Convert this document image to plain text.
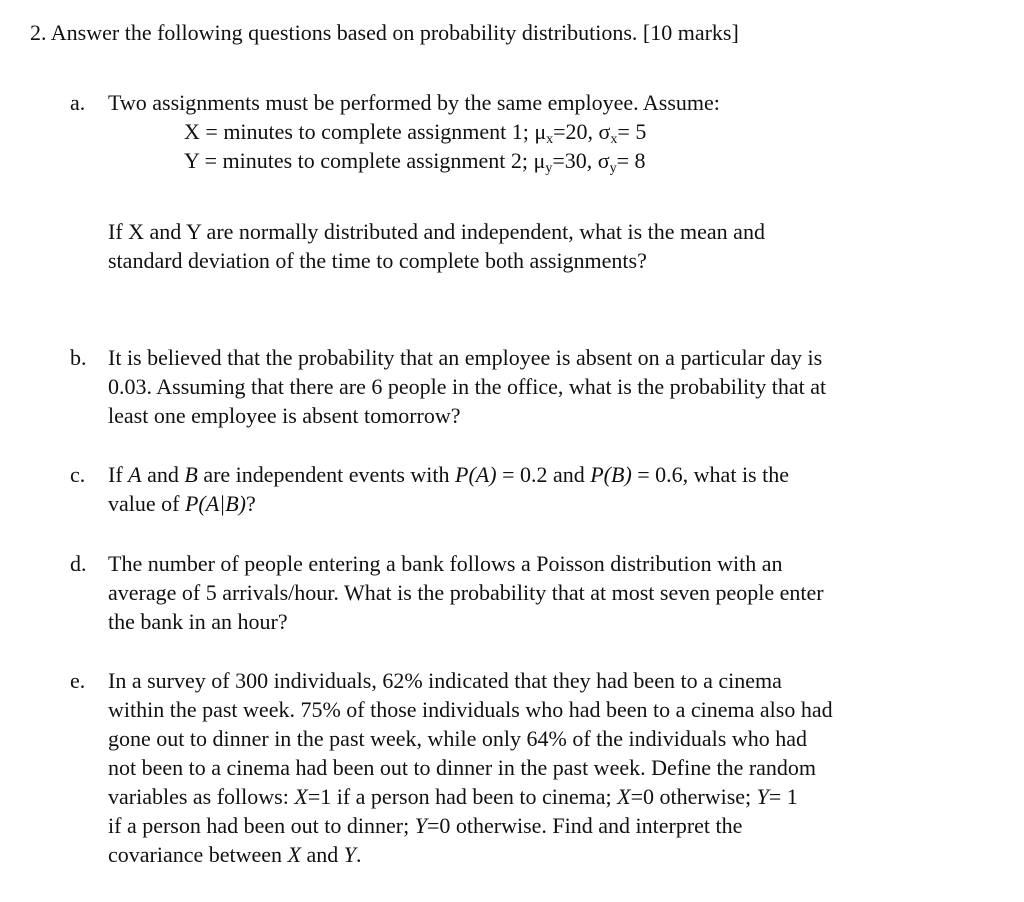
2. Answer the following questions based on probability distributions. [10 marks]
a.	Two assignments must be performed by the same employee. Assume:

X = minutes to complete assignment 1; $\mu_x=20$, $\sigma_x= 5$

Y = minutes to complete assignment 2; $\mu_y=30$, $\sigma_y= 8$

If X and Y are normally distributed and independent, what is the mean and

standard deviation of the time to complete both assignments?

b. It is believed that the probability that an employee is absent on a particular day is

0.03. Assuming that there are 6 people in the office, what is the probability that at

least one employee is absent tomorrow?

c.	If A and B are independent events with P(A) = 0.2 and P(B) = 0.6, what is the

value of P(A|B)?

d. The number of people entering a bank follows a Poisson distribution with an

average of 5 arrivals/hour. What is the probability that at most seven people enter

the bank in an hour?

e.	In a survey of 300 individuals, 62% indicated that they had been to a cinema

within the past week. 75% of those individuals who had been to a cinema also had

gone out to dinner in the past week, while only 64% of the individuals who had

not been to a cinema had been out to dinner in the past week. Define the random

variables as follows: X=1 if a person had been to cinema; X=0 otherwise; Y= 1

if a person had been out to dinner; Y=0 otherwise. Find and interpret the

covariance between X and Y.
